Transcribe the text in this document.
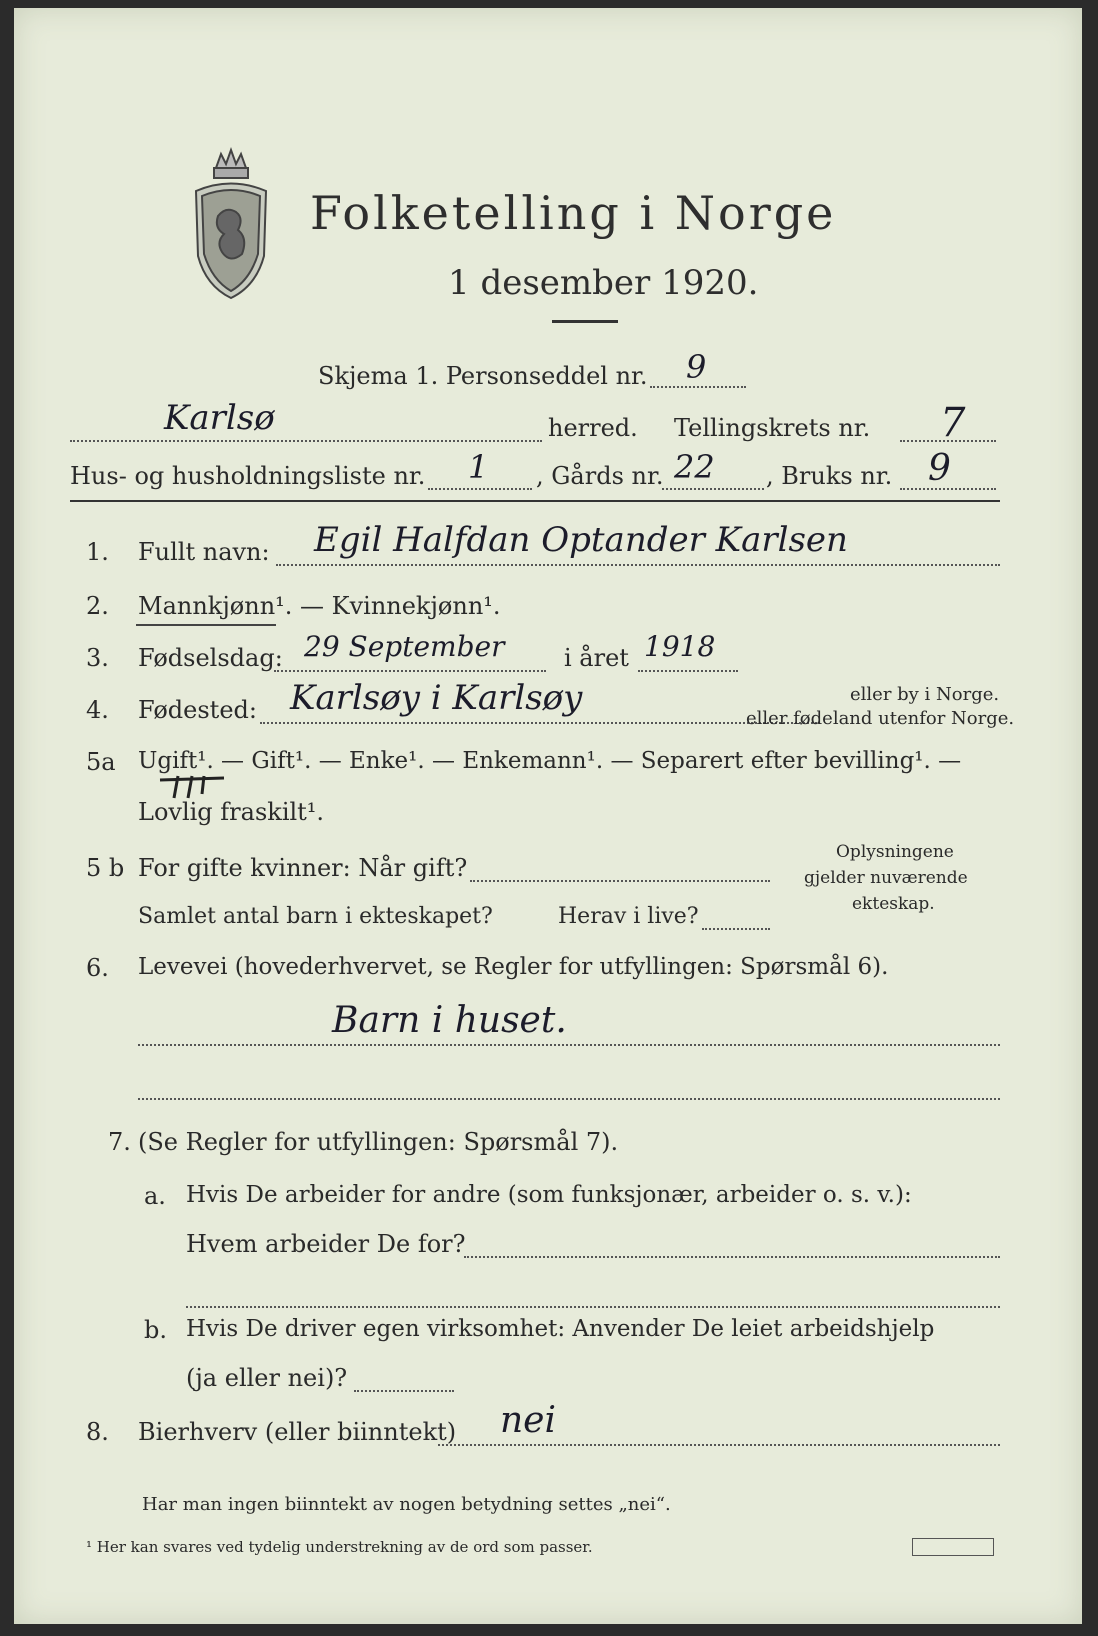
Folketelling i Norge
1 desember 1920.
Skjema 1. Personseddel nr. 9
Karlsø	herred. Tellingskrets nr. 7
Hus- og husholdningsliste nr. 1 , Gårds nr. 22 , Bruks nr. 9
1. Fullt navn: Egil Halfdan Optander Karlsen
2. Mannkjønn¹. — Kvinnekjønn¹.
3. Fødselsdag: 29 September i året 1918
4. Fødested: Karlsøy i Karlsøy	eller by i Norge.
eller fødeland utenfor Norge.
5a Ugift¹. — Gift¹. — Enke¹. — Enkemann¹. — Separert efter bevilling¹. —
Lovlig fraskilt¹.
5 b For gifte kvinner: Når gift?
Samlet antal barn i ekteskapet?	Herav i live?
Oplysningene
gjelder nuværende
ekteskap.
6. Levevei (hovederhvervet, se Regler for utfyllingen: Spørsmål 6).
Barn i huset.
7. (Se Regler for utfyllingen: Spørsmål 7).
a. Hvis De arbeider for andre (som funksjonær, arbeider o. s. v.):
Hvem arbeider De for?
b. Hvis De driver egen virksomhet: Anvender De leiet arbeidshjelp
(ja eller nei)?
8. Bierhverv (eller biinntekt) nei
Har man ingen biinntekt av nogen betydning settes „nei“.
¹ Her kan svares ved tydelig understrekning av de ord som passer.
